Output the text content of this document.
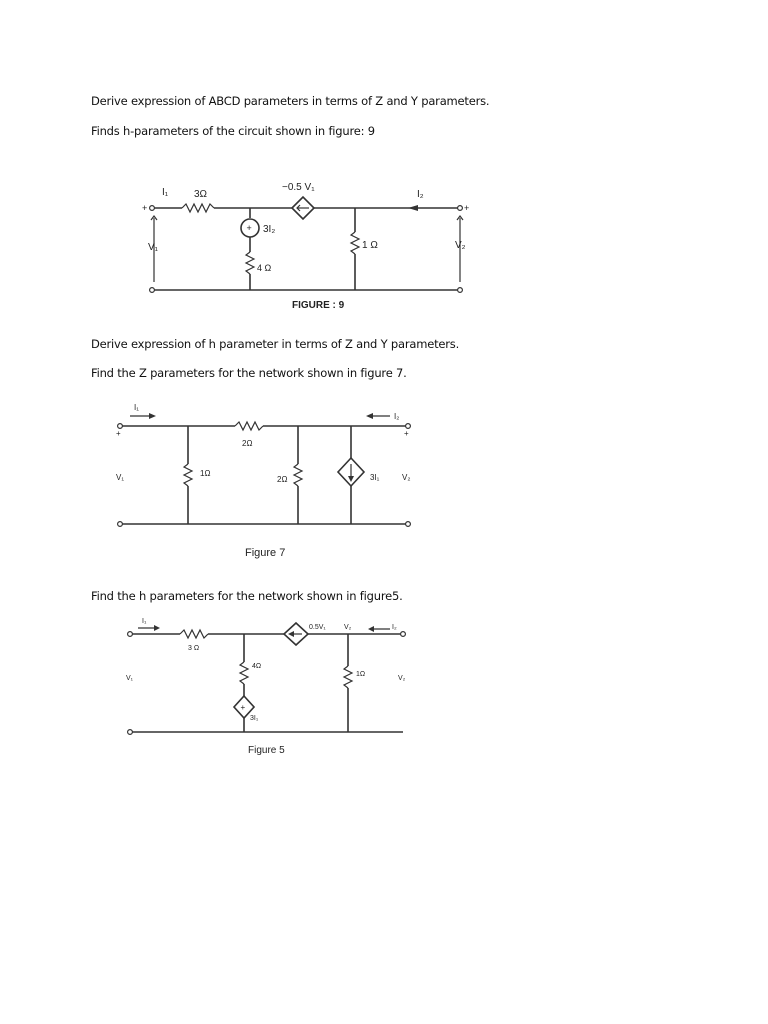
Derive expression of ABCD parameters in terms of Z and Y parameters.

Finds h-parameters of the circuit shown in figure: 9

+	+
+
I₁	3Ω
−0.5 V₁
I₂
3I₂
4 Ω
1 Ω
V₁	V₂
FIGURE : 9

Derive expression of h parameter in terms of Z and Y parameters.

Find the Z parameters for the network shown in figure 7.

+	+
I₁
I₂
2Ω
1Ω
2Ω	3I₁
V₁	V₂
Figure 7

Find the h parameters for the network shown in figure5.

+
I₁
3 Ω
4Ω
0.5V₁	V₂	I₂
1Ω
3I₁
V₁	V₂
Figure 5
